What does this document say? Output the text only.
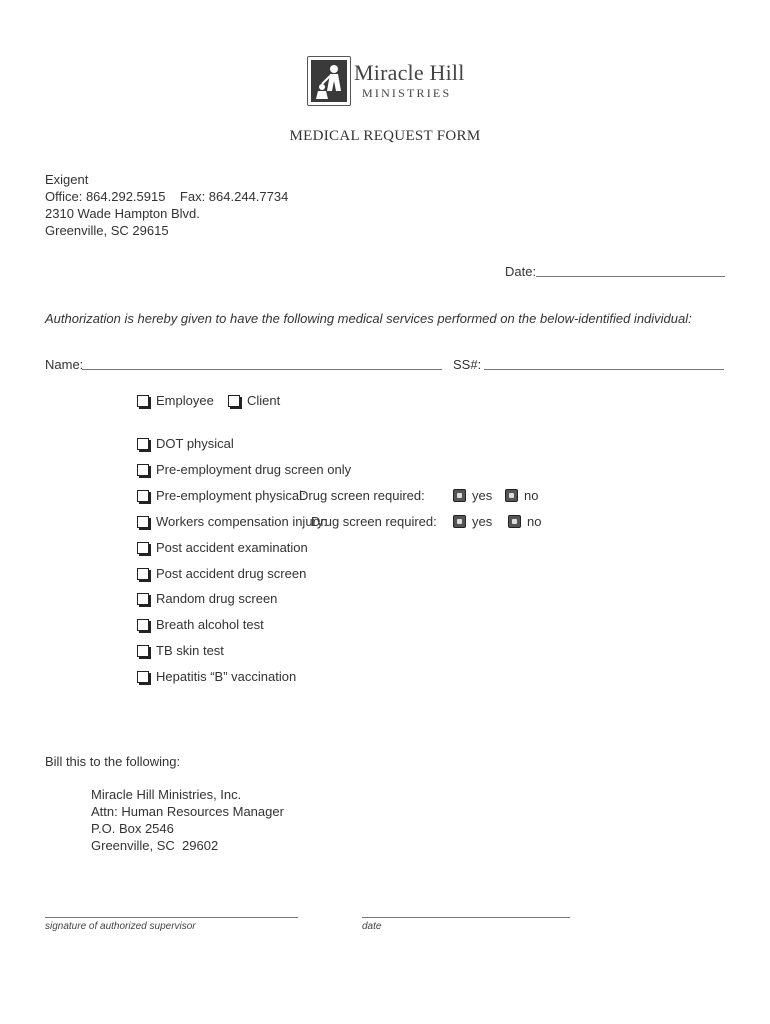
Miracle Hill
MINISTRIES
MEDICAL REQUEST FORM
Exigent
Office: 864.292.5915    Fax: 864.244.7734
2310 Wade Hampton Blvd.
Greenville, SC 29615
Date:
Authorization is hereby given to have the following medical services performed on the below-identified individual:
Name:	SS#:
Employee	Client
DOT physical
Pre-employment drug screen only
Pre-employment physical:
Drug screen required:	yes no
Workers compensation injury:
Drug screen required:	yes	no
Post accident examination
Post accident drug screen
Random drug screen
Breath alcohol test
TB skin test
Hepatitis “B” vaccination
Bill this to the following:
Miracle Hill Ministries, Inc.
Attn: Human Resources Manager
P.O. Box 2546
Greenville, SC  29602
signature of authorized supervisor	date
